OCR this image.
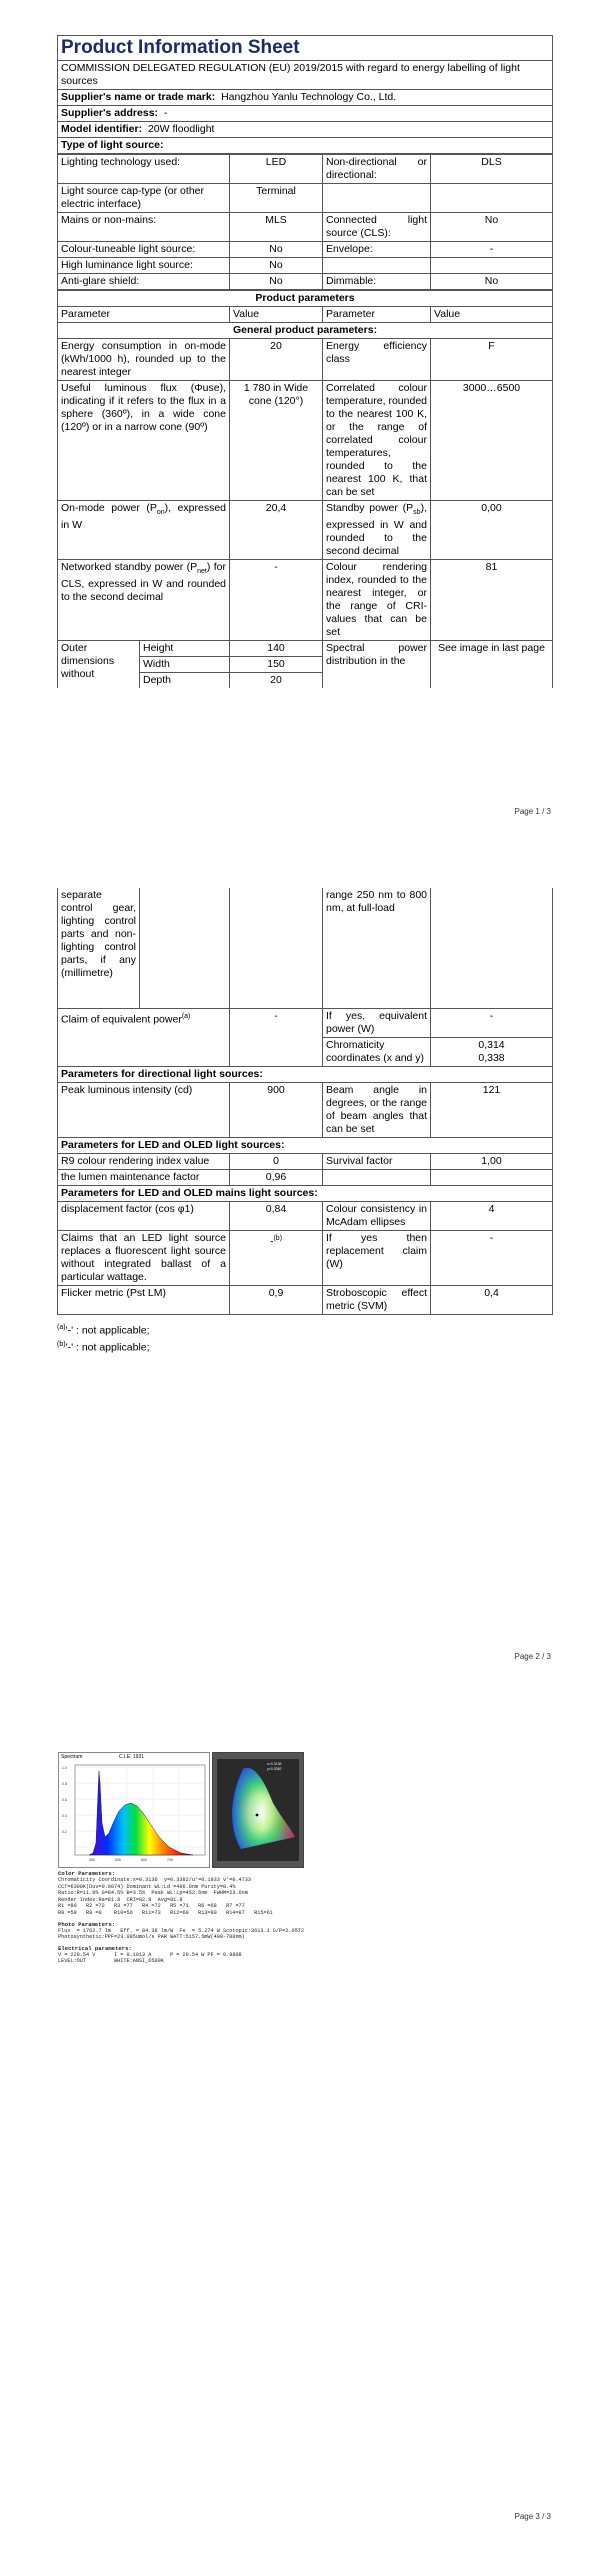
Product Information Sheet
COMMISSION DELEGATED REGULATION (EU) 2019/2015 with regard to energy labelling of light sources
Supplier's name or trade mark: Hangzhou Yanlu Technology Co., Ltd.
Supplier's address: -
Model identifier: 20W floodlight
Type of light source:
Lighting technology used:	LED	Non-directional or directional:	DLS
Light source cap-type (or other electric interface)	Terminal		
Mains or non-mains:	MLS	Connected light source (CLS):	No
Colour-tuneable light source:	No	Envelope:	-
High luminance light source:	No		
Anti-glare shield:	No	Dimmable:	No
Product parameters				
Parameter		Value	Parameter	Value
General product parameters:				
Energy consumption in on-mode (kWh/1000 h), rounded up to the nearest integer		20	Energy efficiency class	F
Useful luminous flux (Φuse), indicating if it refers to the flux in a sphere (360º), in a wide cone (120º) or in a narrow cone (90º)		1 780 in Wide cone (120°)	Correlated colour temperature, rounded to the nearest 100 K, or the range of correlated colour temperatures, rounded to the nearest 100 K, that can be set	3000…6500
On-mode power $(P_{on})$, expressed in W		20,4	Standby power $(P_{sb})$, expressed in W and rounded to the second decimal	0,00
Networked standby power $(P_{net})$ for CLS, expressed in W and rounded to the second decimal		-	Colour rendering index, rounded to the nearest integer, or the range of CRI-values that can be set	81
Outer dimensions without	Height	140	Spectral power distribution in the	See image in last page
	Width	150		
	Depth	20		
Page 1 / 3
separate control gear, lighting control parts and non-lighting control parts, if any (millimetre)			range 250 nm to 800 nm, at full-load	
Claim of equivalent power$^{(a)}$		-	If yes, equivalent power (W)	-
			Chromaticity coordinates (x and y)	0,314
0,338

Parameters for directional light sources:				
Peak luminous intensity (cd)		900	Beam angle in degrees, or the range of beam angles that can be set	121
Parameters for LED and OLED light sources:				
R9 colour rendering index value		0	Survival factor	1,00
the lumen maintenance factor		0,96		
Parameters for LED and OLED mains light sources:				
displacement factor (cos φ1)		0,84	Colour consistency in McAdam ellipses	4
Claims that an LED light source replaces a fluorescent light source without integrated ballast of a particular wattage.		-$^{(b)}$	If yes then replacement claim (W)	-
Flicker metric (Pst LM)		0,9	Stroboscopic effect metric (SVM)	0,4
$^{(a)}$'-' : not applicable;
$^{(b)}$'-' : not applicable;
Page 2 / 3
Spectrum	C.I.E. 1931
1.0
0.8
0.6
0.4
0.2
400	500	600	700
x=0.3136
y=0.3382
Color Parameters:
Chromaticity Coordinate:x=0.3136  y=0.3382/u'=0.1933 v'=0.4733
CCT=6300K(Duv=0.0074) Dominant WL:Ld =496.8nm Purity=8.4%
Ratio:R=11.9% G=84.5% B=3.5%  Peak WL:Lp=452.6nm  FWHM=23.6nm
Render Index:Ra=81.8  CRI=82.9  Avg=81.8
R1 =80   R2 =72   R3 =77   R4 =72   R5 =71   R6 =68   R7 =77
R8 =59   R9 =0    R10=56   R11=73   R12=60   R13=80   R14=87   R15=61
Photo Parameters:
Flux  = 1762.7 lm   Eff. = 84.38 lm/W  Fe  = 5.274 W Scotopic:3613.1 S/P=2.0572
Photosynthetic:PPF=23.095umol/s PAR WATT:5157.5mW(400-700nm)
Electrical parameters:
V = 220.54 V      I = 0.1013 A      P = 20.54 W PF = 0.9808
LEVEL:OUT         WHITE:ANSI_6500K
Page 3 / 3
